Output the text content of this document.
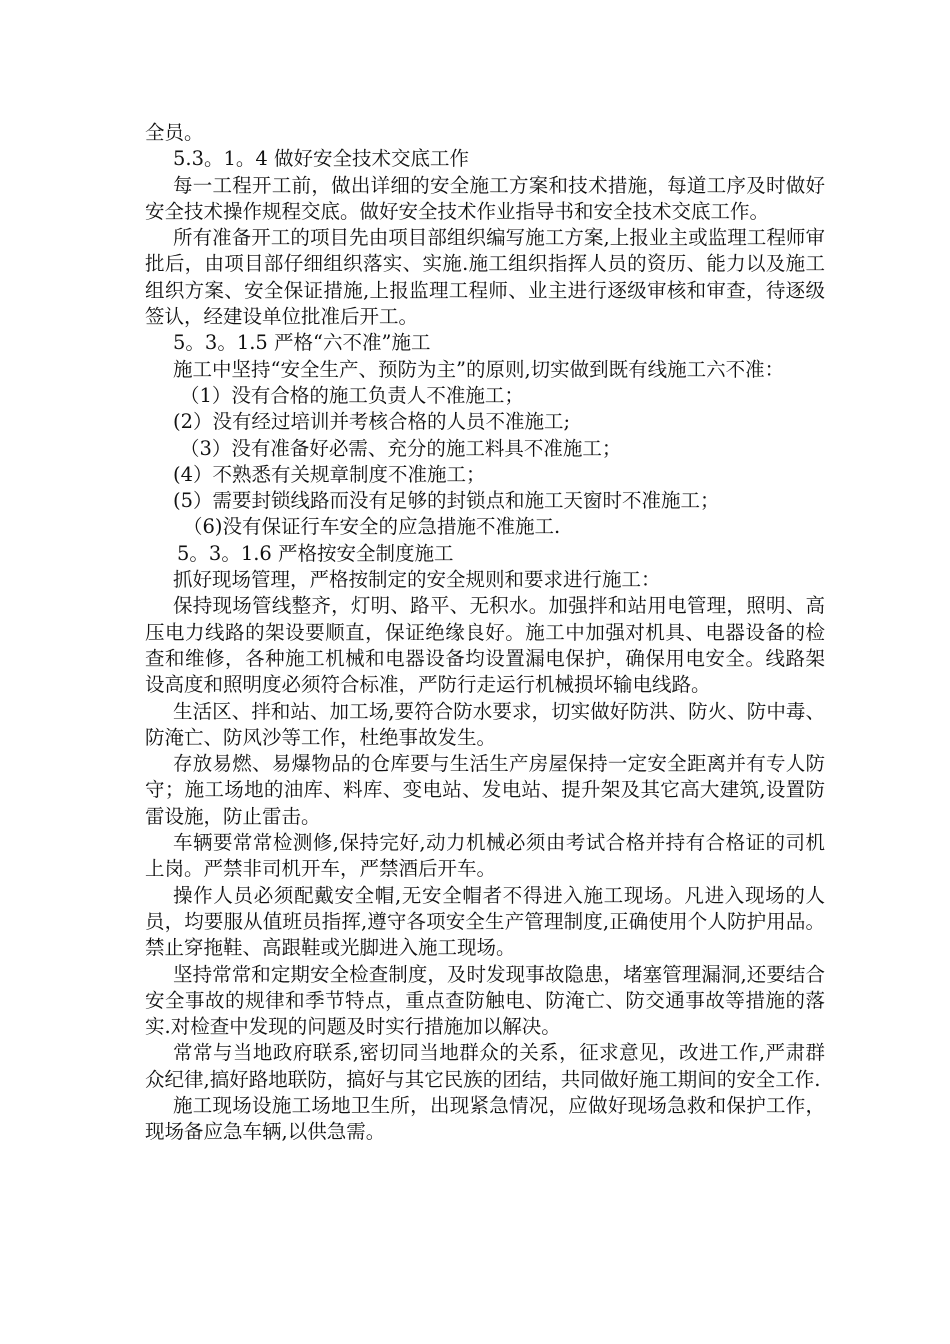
全员。

5.3。1。4 做好安全技术交底工作

每一工程开工前，做出详细的安全施工方案和技术措施，每道工序及时做好安全技术操作规程交底。做好安全技术作业指导书和安全技术交底工作。

所有准备开工的项目先由项目部组织编写施工方案,上报业主或监理工程师审批后，由项目部仔细组织落实、实施.施工组织指挥人员的资历、能力以及施工组织方案、安全保证措施,上报监理工程师、业主进行逐级审核和审查，待逐级签认，经建设单位批准后开工。

5。3。1.5 严格“六不准”施工

施工中坚持“安全生产、预防为主”的原则,切实做到既有线施工六不准：

（1）没有合格的施工负责人不准施工；

(2）没有经过培训并考核合格的人员不准施工;

（3）没有准备好必需、充分的施工料具不准施工；

(4）不熟悉有关规章制度不准施工；

(5）需要封锁线路而没有足够的封锁点和施工天窗时不准施工；

（6)没有保证行车安全的应急措施不准施工.

5。3。1.6 严格按安全制度施工

抓好现场管理，严格按制定的安全规则和要求进行施工：

保持现场管线整齐，灯明、路平、无积水。加强拌和站用电管理，照明、高压电力线路的架设要顺直，保证绝缘良好。施工中加强对机具、电器设备的检查和维修，各种施工机械和电器设备均设置漏电保护，确保用电安全。线路架设高度和照明度必须符合标准，严防行走运行机械损坏输电线路。

生活区、拌和站、加工场,要符合防水要求，切实做好防洪、防火、防中毒、防淹亡、防风沙等工作，杜绝事故发生。

存放易燃、易爆物品的仓库要与生活生产房屋保持一定安全距离并有专人防守；施工场地的油库、料库、变电站、发电站、提升架及其它高大建筑,设置防雷设施，防止雷击。

车辆要常常检测修,保持完好,动力机械必须由考试合格并持有合格证的司机上岗。严禁非司机开车，严禁酒后开车。

操作人员必须配戴安全帽,无安全帽者不得进入施工现场。凡进入现场的人员，均要服从值班员指挥,遵守各项安全生产管理制度,正确使用个人防护用品。禁止穿拖鞋、高跟鞋或光脚进入施工现场。

坚持常常和定期安全检查制度，及时发现事故隐患，堵塞管理漏洞,还要结合安全事故的规律和季节特点，重点查防触电、防淹亡、防交通事故等措施的落实.对检查中发现的问题及时实行措施加以解决。

常常与当地政府联系,密切同当地群众的关系，征求意见，改进工作,严肃群众纪律,搞好路地联防，搞好与其它民族的团结，共同做好施工期间的安全工作.

施工现场设施工场地卫生所，出现紧急情况，应做好现场急救和保护工作，现场备应急车辆,以供急需。
